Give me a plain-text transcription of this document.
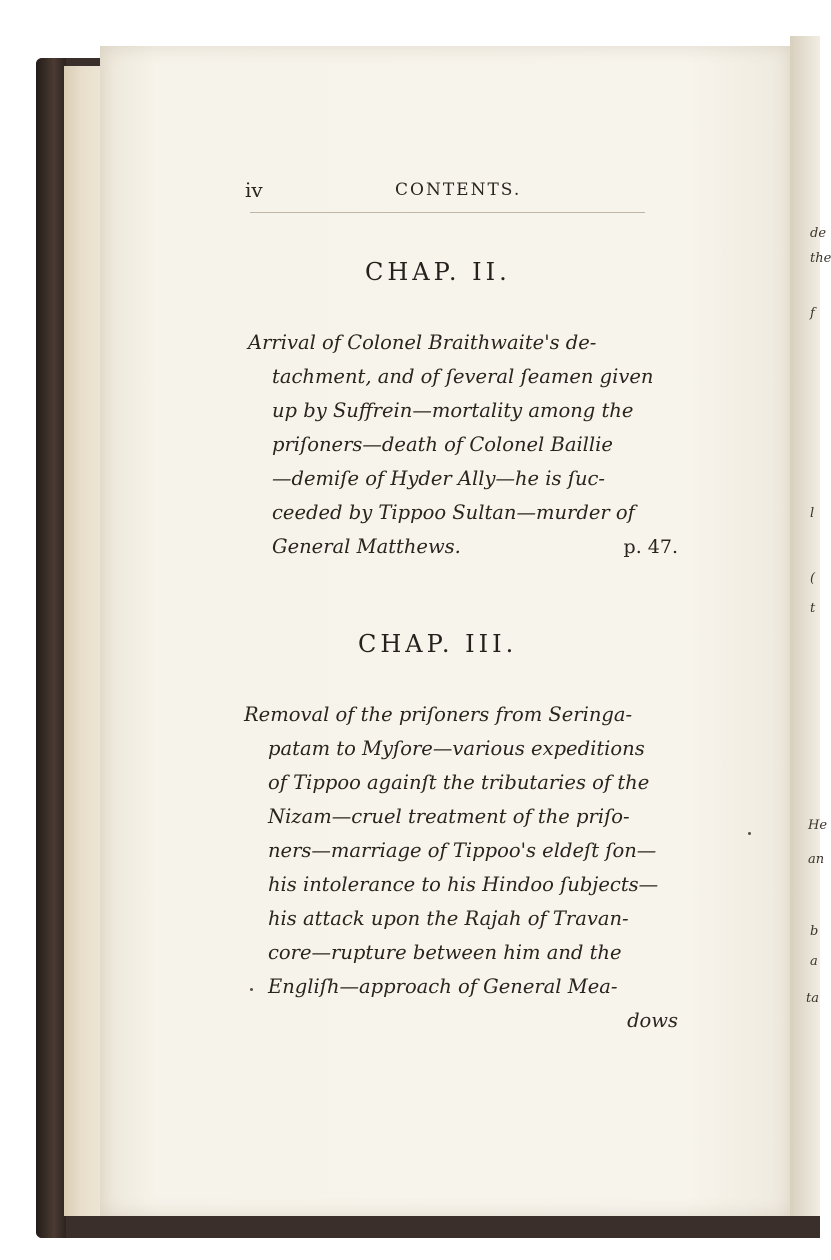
de
the
f
l
(
t
He
an
b
a
ta
iv	CONTENTS.
CHAP. II.
Arrival of Colonel Braithwaite's de-
tachment, and of ſeveral ſeamen given
up by Suffrein—mortality among the
priſoners—death of Colonel Baillie
—demiſe of Hyder Ally—he is ſuc-
ceeded by Tippoo Sultan—murder of
General Matthews.	p. 47.
CHAP. III.
Removal of the priſoners from Seringa-
patam to Myſore—various expeditions
of Tippoo againſt the tributaries of the
Nizam—cruel treatment of the priſo-
ners—marriage of Tippoo's eldeſt ſon—
his intolerance to his Hindoo ſubjects—
his attack upon the Rajah of Travan-
core—rupture between him and the
Engliſh—approach of General Mea-
dows
